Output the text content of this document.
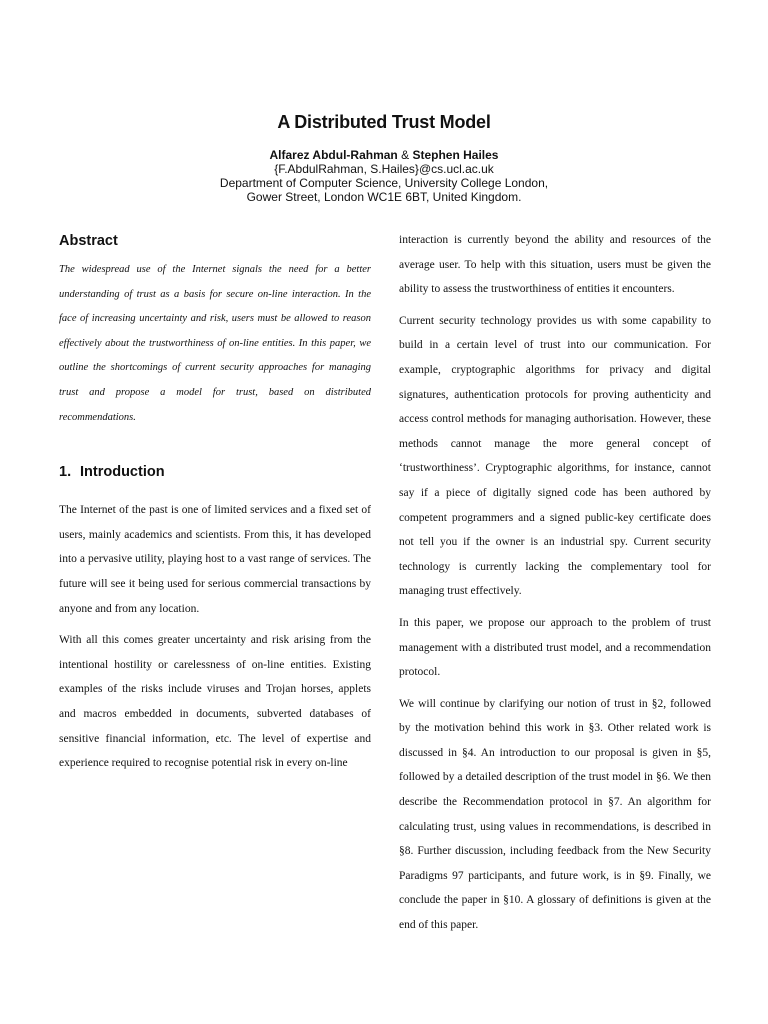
A Distributed Trust Model
Alfarez Abdul-Rahman & Stephen Hailes
{F.AbdulRahman, S.Hailes}@cs.ucl.ac.uk
Department of Computer Science, University College London,
Gower Street, London WC1E 6BT, United Kingdom.
Abstract

The widespread use of the Internet signals the need for a better understanding of trust as a basis for secure on-line interaction. In the face of increasing uncertainty and risk, users must be allowed to reason effectively about the trustworthiness of on-line entities. In this paper, we outline the shortcomings of current security approaches for managing trust and propose a model for trust, based on distributed recommendations.

1. Introduction

The Internet of the past is one of limited services and a fixed set of users, mainly academics and scientists. From this, it has developed into a pervasive utility, playing host to a vast range of services. The future will see it being used for serious commercial transactions by anyone and from any location.

With all this comes greater uncertainty and risk arising from the intentional hostility or carelessness of on-line entities. Existing examples of the risks include viruses and Trojan horses, applets and macros embedded in documents, subverted databases of sensitive financial information, etc. The level of expertise and experience required to recognise potential risk in every on-line

interaction is currently beyond the ability and resources of the average user. To help with this situation, users must be given the ability to assess the trustworthiness of entities it encounters.

Current security technology provides us with some capability to build in a certain level of trust into our communication. For example, cryptographic algorithms for privacy and digital signatures, authentication protocols for proving authenticity and access control methods for managing authorisation. However, these methods cannot manage the more general concept of ‘trustworthiness’. Cryptographic algorithms, for instance, cannot say if a piece of digitally signed code has been authored by competent programmers and a signed public-key certificate does not tell you if the owner is an industrial spy. Current security technology is currently lacking the complementary tool for managing trust effectively.

In this paper, we propose our approach to the problem of trust management with a distributed trust model, and a recommendation protocol.

We will continue by clarifying our notion of trust in §2, followed by the motivation behind this work in §3. Other related work is discussed in §4. An introduction to our proposal is given in §5, followed by a detailed description of the trust model in §6. We then describe the Recommendation protocol in §7. An algorithm for calculating trust, using values in recommendations, is described in §8. Further discussion, including feedback from the New Security Paradigms 97 participants, and future work, is in §9. Finally, we conclude the paper in §10. A glossary of definitions is given at the end of this paper.
